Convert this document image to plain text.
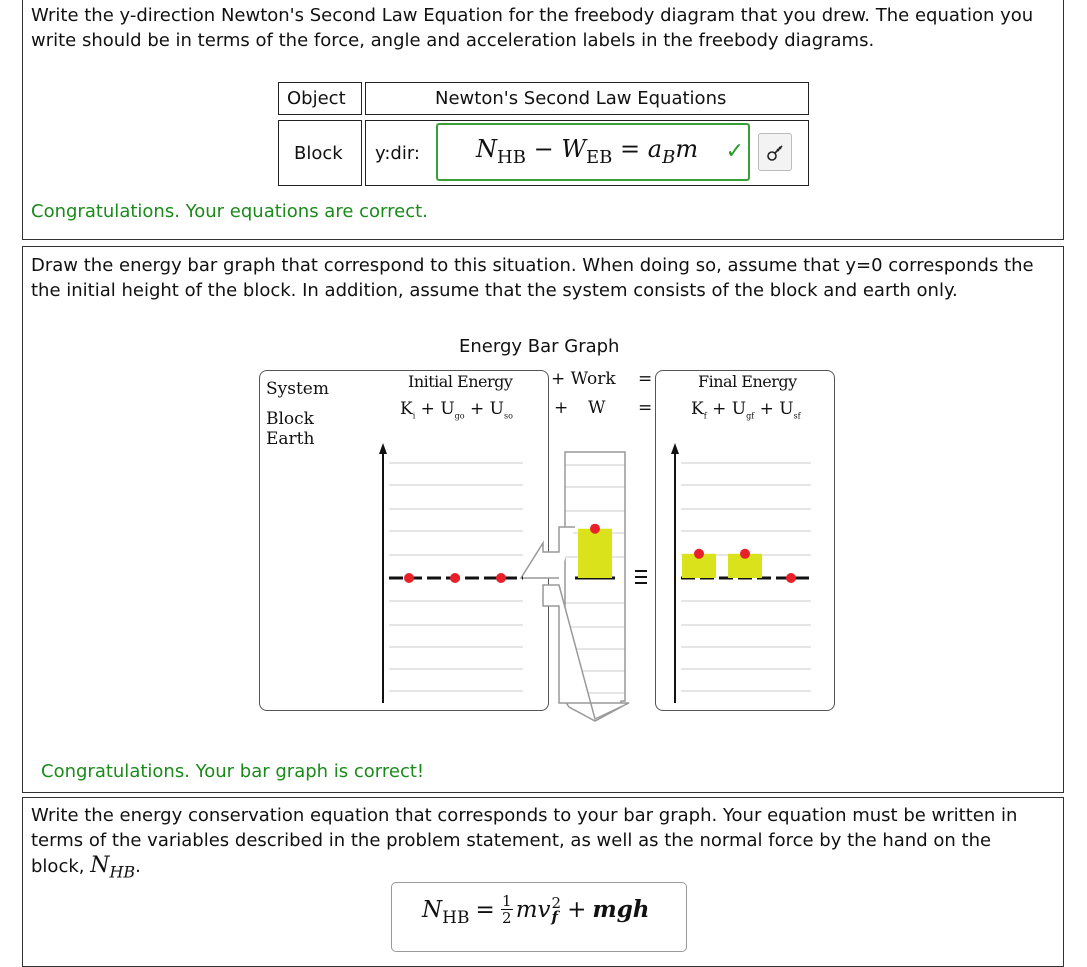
Write the y-direction Newton's Second Law Equation for the freebody diagram that you drew. The equation you write should be in terms of the force, angle and acceleration labels in the freebody diagrams.
Object	Newton's Second Law Equations
Block y:dir: $N_{HB} - W_{EB} = a_Bm$ ✓
Congratulations. Your equations are correct.
Draw the energy bar graph that correspond to this situation. When doing so, assume that y=0 corresponds the the initial height of the block. In addition, assume that the system consists of the block and earth only.
Energy Bar Graph
System
Block
Earth
Initial Energy
$K_i + U_{go} + U_{so}$
+ Work =
+ W =
Final Energy
$K_f + U_{gf} + U_{sf}$
Congratulations. Your bar graph is correct!
Write the energy conservation equation that corresponds to your bar graph. Your equation must be written in terms of the variables described in the problem statement, as well as the normal force by the hand on the block, $N_{HB}$.
$N_{HB} = 1$
2 m v 2
f + mgh
